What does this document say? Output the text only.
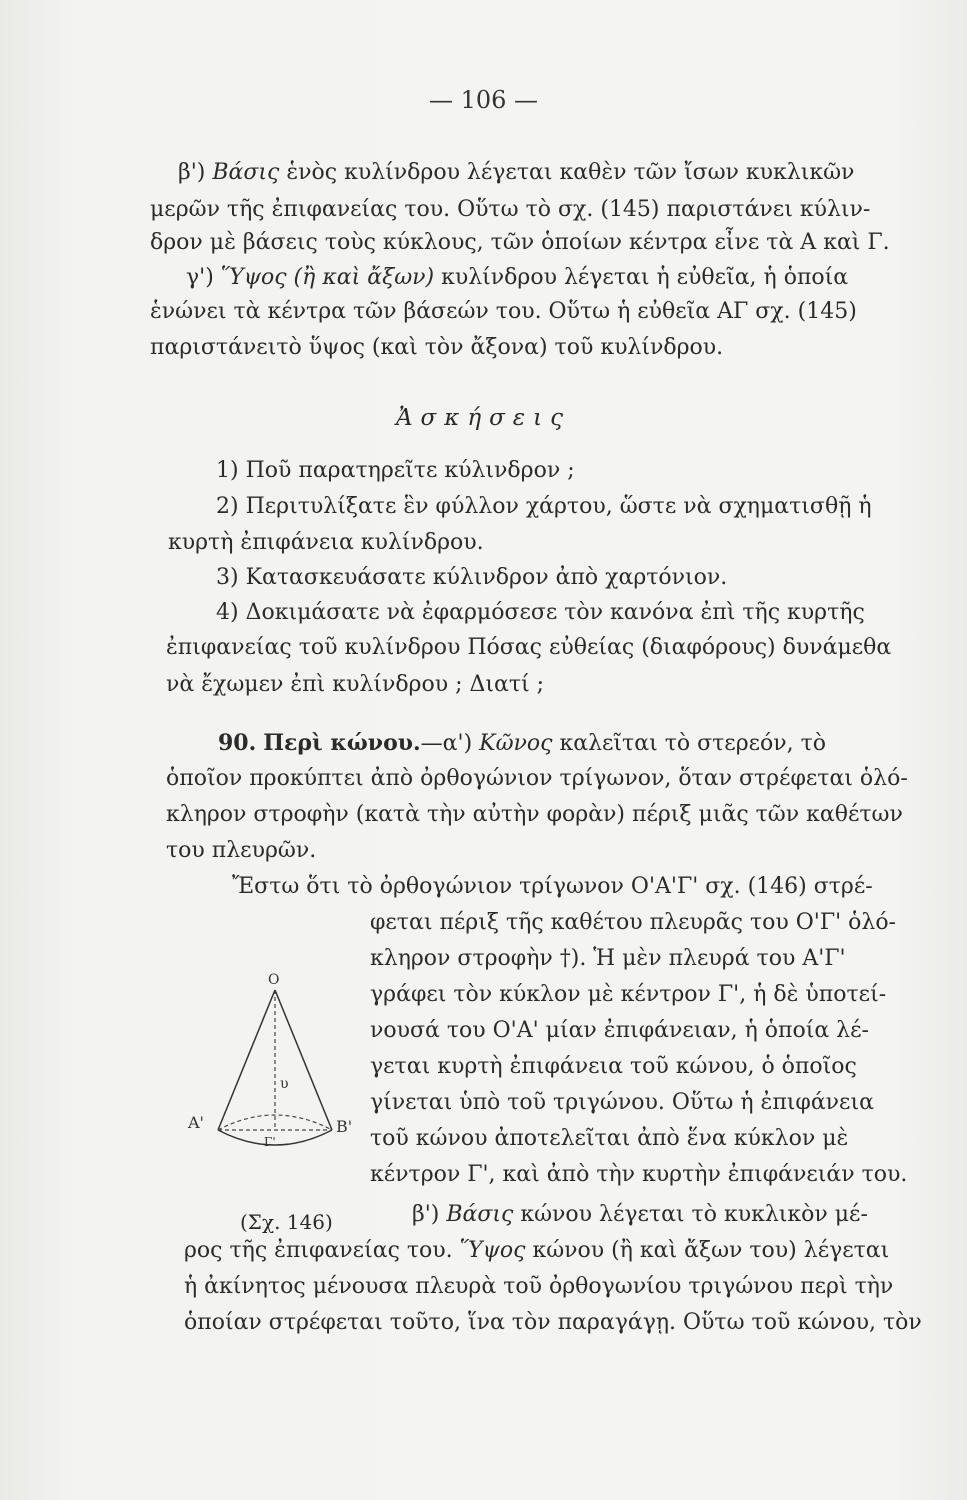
— 106 —
β') Βάσις ἑνὸς κυλίνδρου λέγεται καθὲν τῶν ἴσων κυκλικῶν
μερῶν τῆς ἐπιφανείας του. Οὕτω τὸ σχ. (145) παριστάνει κύλιν-
δρον μὲ βάσεις τοὺς κύκλους, τῶν ὁποίων κέντρα εἶνε τὰ Α καὶ Γ.
γ') Ὕψος (ἢ καὶ ἄξων) κυλίνδρου λέγεται ἡ εὐθεῖα, ἡ ὁποία
ἑνώνει τὰ κέντρα τῶν βάσεών του. Οὕτω ἡ εὐθεῖα ΑΓ σχ. (145)
παριστάνειτὸ ὕψος (καὶ τὸν ἄξονα) τοῦ κυλίνδρου.
Ἀσκήσεις
1) Ποῦ παρατηρεῖτε κύλινδρον ;
2) Περιτυλίξατε ἓν φύλλον χάρτου, ὥστε νὰ σχηματισθῇ ἡ
κυρτὴ ἐπιφάνεια κυλίνδρου.
3) Κατασκευάσατε κύλινδρον ἀπὸ χαρτόνιον.
4) Δοκιμάσατε νὰ ἐφαρμόσεσε τὸν κανόνα ἐπὶ τῆς κυρτῆς
ἐπιφανείας τοῦ κυλίνδρου Πόσας εὐθείας (διαφόρους) δυνάμεθα
νὰ ἔχωμεν ἐπὶ κυλίνδρου ; Διατί ;
90. Περὶ κώνου.—α') Κῶνος καλεῖται τὸ στερεόν, τὸ
ὁποῖον προκύπτει ἀπὸ ὀρθογώνιον τρίγωνον, ὅταν στρέφεται ὁλό-
κληρον στροφὴν (κατὰ τὴν αὐτὴν φορὰν) πέριξ μιᾶς τῶν καθέτων
του πλευρῶν.
Ἔστω ὅτι τὸ ὀρθογώνιον τρίγωνον Ο'Α'Γ' σχ. (146) στρέ-
φεται πέριξ τῆς καθέτου πλευρᾶς του Ο'Γ' ὁλό-
κληρον στροφὴν †). Ἡ μὲν πλευρά του Α'Γ'
γράφει τὸν κύκλον μὲ κέντρον Γ', ἡ δὲ ὑποτεί-
νουσά του Ο'Α' μίαν ἐπιφάνειαν, ἡ ὁποία λέ-
γεται κυρτὴ ἐπιφάνεια τοῦ κώνου, ὁ ὁποῖος
γίνεται ὑπὸ τοῦ τριγώνου. Οὕτω ἡ ἐπιφάνεια
τοῦ κώνου ἀποτελεῖται ἀπὸ ἕνα κύκλον μὲ
κέντρον Γ', καὶ ἀπὸ τὴν κυρτὴν ἐπιφάνειάν του.
O
A'	B'
Γ'
υ
(Σχ. 146)	β') Βάσις κώνου λέγεται τὸ κυκλικὸν μέ-
ρος τῆς ἐπιφανείας του. Ὕψος κώνου (ἢ καὶ ἄξων του) λέγεται
ἡ ἀκίνητος μένουσα πλευρὰ τοῦ ὀρθογωνίου τριγώνου περὶ τὴν
ὁποίαν στρέφεται τοῦτο, ἵνα τὸν παραγάγῃ. Οὕτω τοῦ κώνου, τὸν
